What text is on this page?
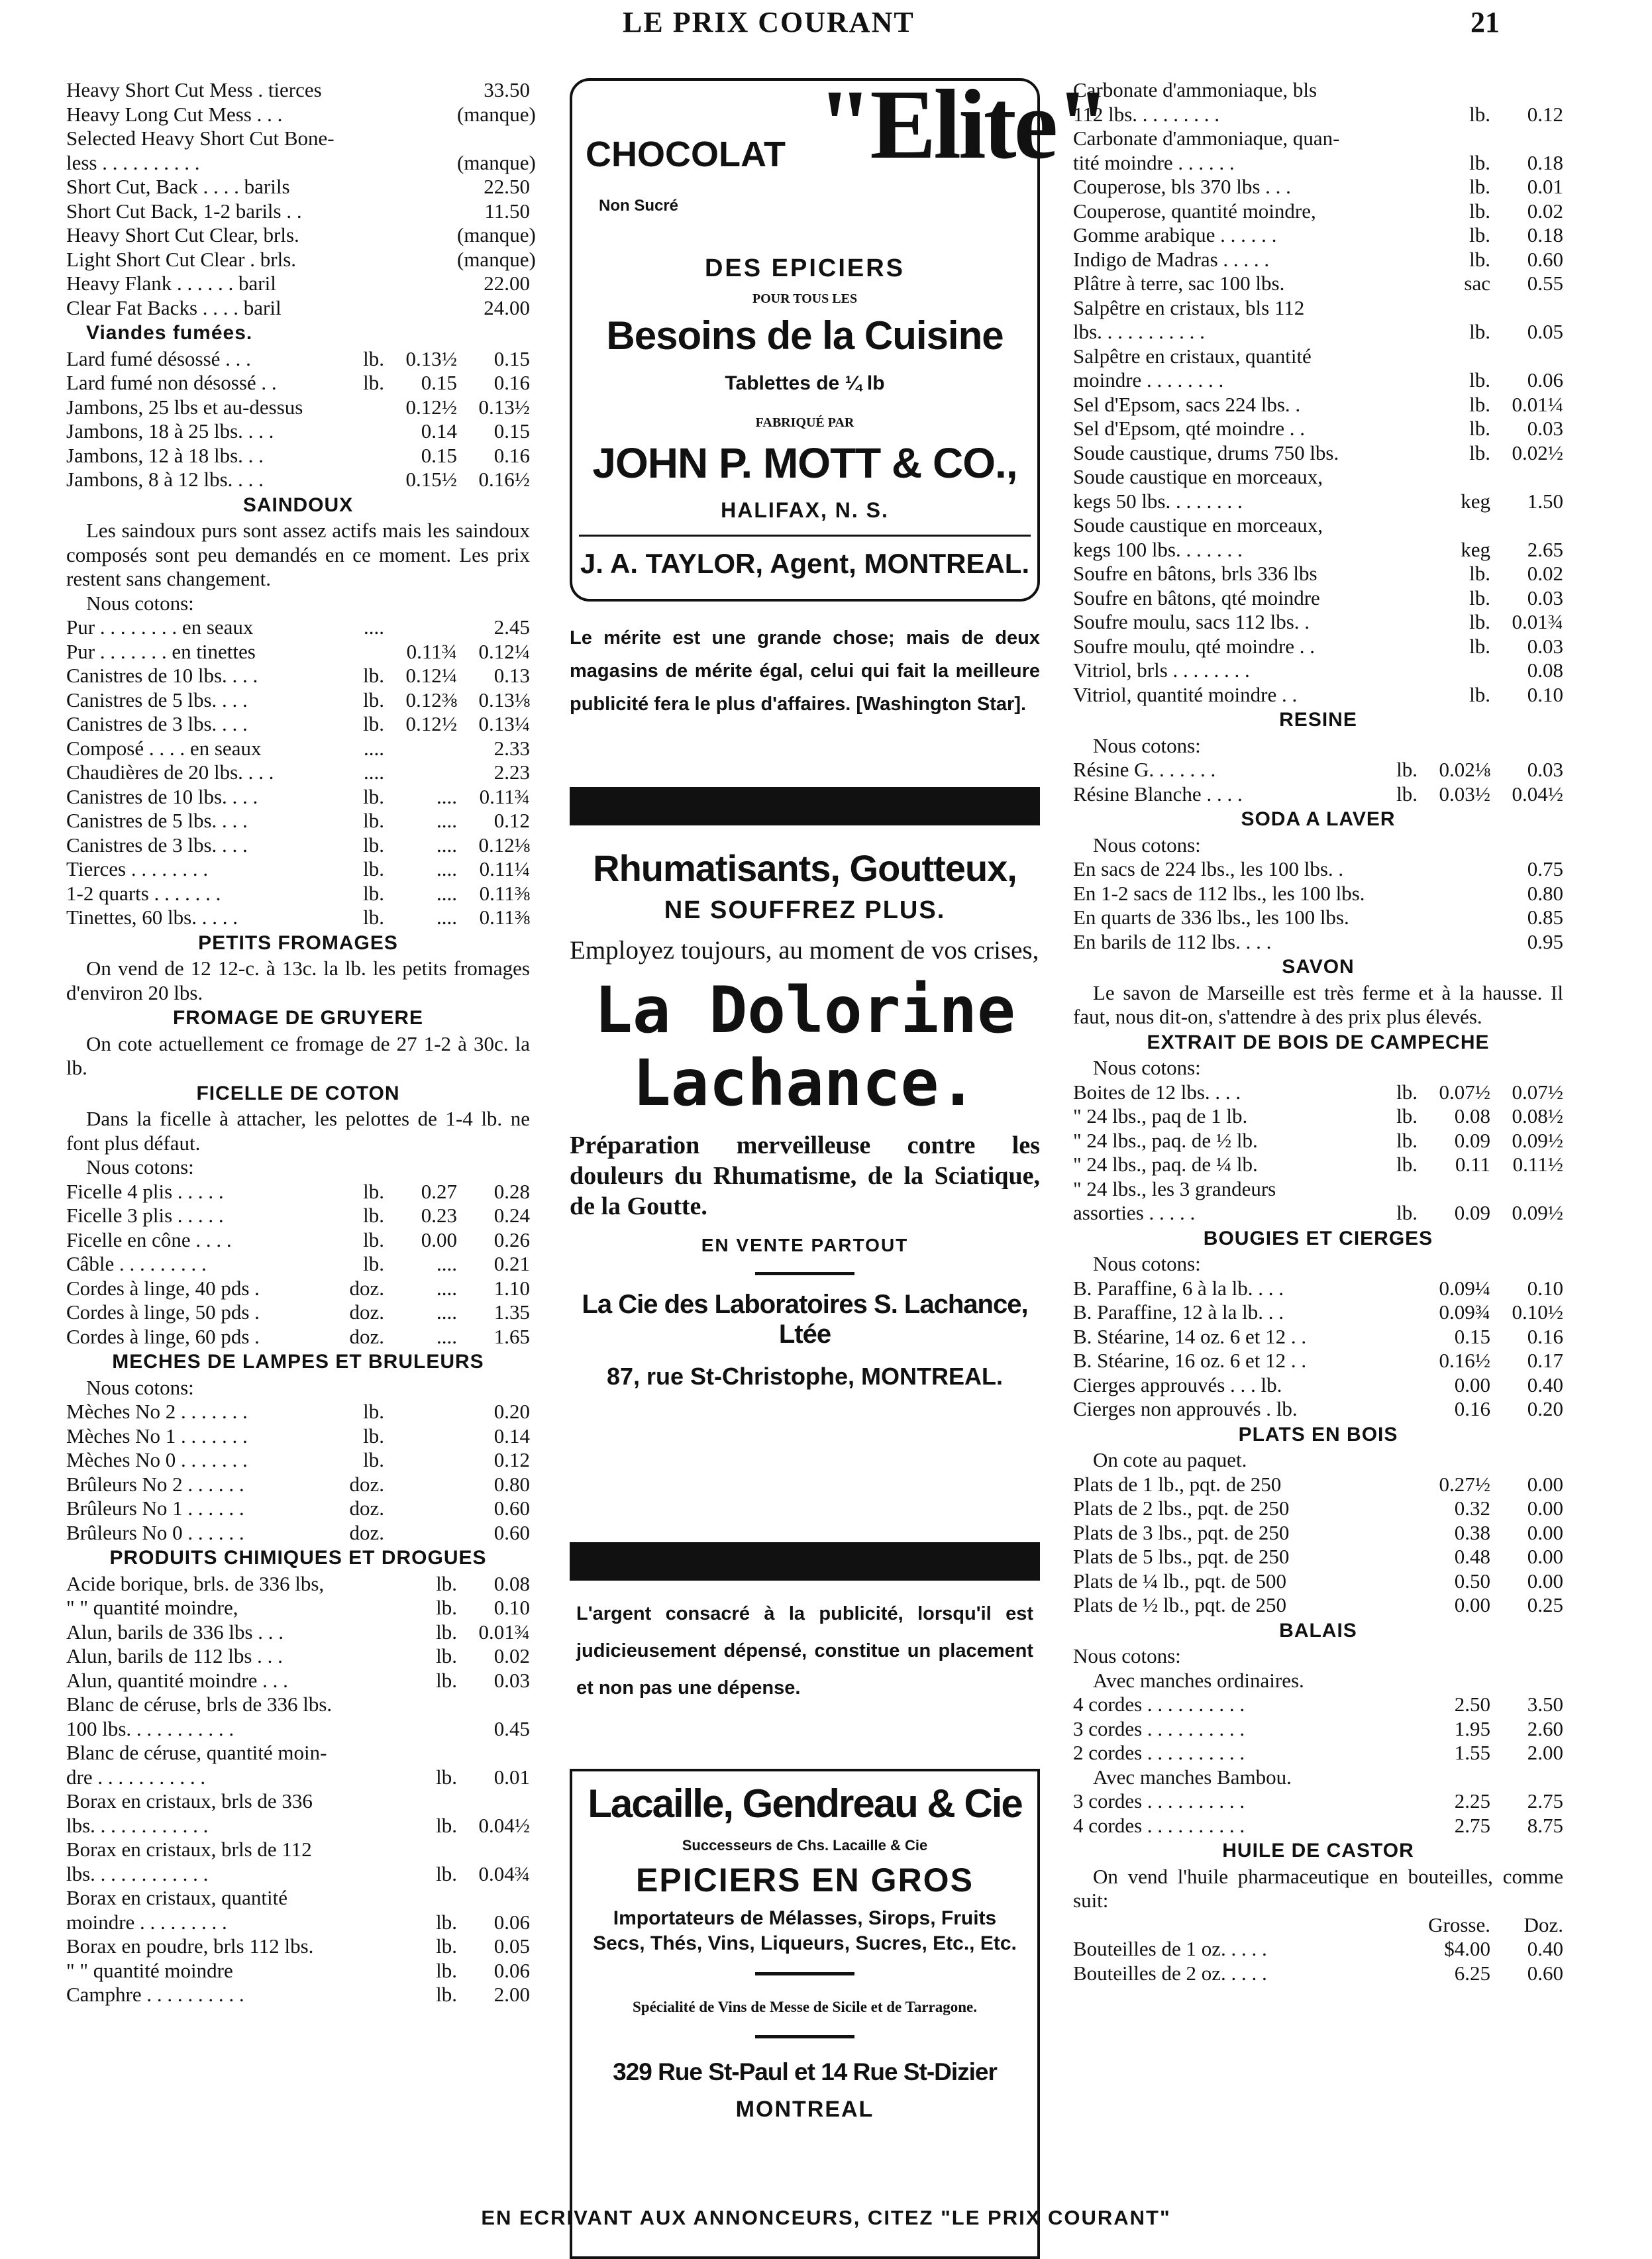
LE PRIX COURANT	21
Heavy Short Cut Mess . tierces	33.50
Heavy Long Cut Mess . . .	(manque)
Selected Heavy Short Cut Bone-
less . . . . . . . . . .	(manque)
Short Cut, Back . . . . barils	22.50
Short Cut Back, 1-2 barils . .	11.50
Heavy Short Cut Clear, brls.	(manque)
Light Short Cut Clear . brls.	(manque)
Heavy Flank . . . . . . baril	22.00
Clear Fat Backs . . . . baril	24.00
Viandes fumées.
Lard fumé désossé . . .	lb.	0.13½	0.15
Lard fumé non désossé . .	lb.	0.15	0.16
Jambons, 25 lbs et au-dessus	0.12½	0.13½
Jambons, 18 à 25 lbs. . . .	0.14	0.15
Jambons, 12 à 18 lbs. . .	0.15	0.16
Jambons, 8 à 12 lbs. . . .	0.15½	0.16½
SAINDOUX
Les saindoux purs sont assez actifs mais les saindoux composés sont peu demandés en ce moment. Les prix restent sans changement.
Nous cotons:
Pur . . . . . . . . en seaux	....	2.45
Pur . . . . . . . en tinettes	0.11¾	0.12¼
Canistres de 10 lbs. . . .	lb.	0.12¼	0.13
Canistres de 5 lbs. . . .	lb.	0.12⅜	0.13⅛
Canistres de 3 lbs. . . .	lb.	0.12½	0.13¼
Composé . . . . en seaux	....	2.33
Chaudières de 20 lbs. . . .	....	2.23
Canistres de 10 lbs. . . .	lb.	....	0.11¾
Canistres de 5 lbs. . . .	lb.	....	0.12
Canistres de 3 lbs. . . .	lb.	....	0.12⅛
Tierces . . . . . . . .	lb.	....	0.11¼
1-2 quarts . . . . . . .	lb.	....	0.11⅜
Tinettes, 60 lbs. . . . .	lb.	....	0.11⅜
PETITS FROMAGES
On vend de 12 12-c. à 13c. la lb. les petits fromages d'environ 20 lbs.
FROMAGE DE GRUYERE
On cote actuellement ce fromage de 27 1-2 à 30c. la lb.
FICELLE DE COTON
Dans la ficelle à attacher, les pelottes de 1-4 lb. ne font plus défaut.
Nous cotons:
Ficelle 4 plis . . . . .	lb.	0.27	0.28
Ficelle 3 plis . . . . .	lb.	0.23	0.24
Ficelle en cône . . . .	lb.	0.00	0.26
Câble . . . . . . . . .	lb.	....	0.21
Cordes à linge, 40 pds .	doz.	....	1.10
Cordes à linge, 50 pds .	doz.	....	1.35
Cordes à linge, 60 pds .	doz.	....	1.65
MECHES DE LAMPES ET BRULEURS
Nous cotons:
Mèches No 2 . . . . . . .	lb.	0.20
Mèches No 1 . . . . . . .	lb.	0.14
Mèches No 0 . . . . . . .	lb.	0.12
Brûleurs No 2 . . . . . .	doz.	0.80
Brûleurs No 1 . . . . . .	doz.	0.60
Brûleurs No 0 . . . . . .	doz.	0.60
PRODUITS CHIMIQUES ET DROGUES
Acide borique, brls. de 336 lbs,	lb.	0.08
" " quantité moindre,	lb.	0.10
Alun, barils de 336 lbs . . .	lb.	0.01¾
Alun, barils de 112 lbs . . .	lb.	0.02
Alun, quantité moindre . . .	lb.	0.03
Blanc de céruse, brls de 336 lbs.
100 lbs. . . . . . . . . . .	0.45
Blanc de céruse, quantité moin-
dre . . . . . . . . . . .	lb.	0.01
Borax en cristaux, brls de 336
lbs. . . . . . . . . . . .	lb.	0.04½
Borax en cristaux, brls de 112
lbs. . . . . . . . . . . .	lb.	0.04¾
Borax en cristaux, quantité
moindre . . . . . . . . .	lb.	0.06
Borax en poudre, brls 112 lbs.	lb.	0.05
" " quantité moindre	lb.	0.06
Camphre . . . . . . . . . .	lb.	2.00
CHOCOLAT "Elite"
Non Sucré
DES EPICIERS
POUR TOUS LES
Besoins de la Cuisine
Tablettes de ¼ lb
FABRIQUÉ PAR
JOHN P. MOTT & CO.,
HALIFAX, N. S.
J. A. TAYLOR, Agent, MONTREAL.
Le mérite est une grande chose; mais de deux magasins de mérite égal, celui qui fait la meilleure publicité fera le plus d'affaires. [Washington Star].
Rhumatisants, Goutteux,
NE SOUFFREZ PLUS.
Employez toujours, au moment de vos crises,
La Dolorine
Lachance.
Préparation merveilleuse contre les douleurs du Rhumatisme, de la Sciatique, de la Goutte.
EN VENTE PARTOUT
La Cie des Laboratoires S. Lachance, Ltée
87, rue St-Christophe, MONTREAL.
L'argent consacré à la publicité, lorsqu'il est judicieusement dépensé, constitue un placement et non pas une dépense.
Lacaille, Gendreau & Cie
Successeurs de Chs. Lacaille & Cie
EPICIERS EN GROS
Importateurs de Mélasses, Sirops, Fruits Secs, Thés, Vins, Liqueurs, Sucres, Etc., Etc.
Spécialité de Vins de Messe de Sicile et de Tarragone.
329 Rue St-Paul et 14 Rue St-Dizier
MONTREAL
Carbonate d'ammoniaque, bls
112 lbs. . . . . . . . .	lb.	0.12
Carbonate d'ammoniaque, quan-
tité moindre . . . . . .	lb.	0.18
Couperose, bls 370 lbs . . .	lb.	0.01
Couperose, quantité moindre,	lb.	0.02
Gomme arabique . . . . . .	lb.	0.18
Indigo de Madras . . . . .	lb.	0.60
Plâtre à terre, sac 100 lbs.	sac	0.55
Salpêtre en cristaux, bls 112
lbs. . . . . . . . . . .	lb.	0.05
Salpêtre en cristaux, quantité
moindre . . . . . . . .	lb.	0.06
Sel d'Epsom, sacs 224 lbs. .	lb.	0.01¼
Sel d'Epsom, qté moindre . .	lb.	0.03
Soude caustique, drums 750 lbs.	lb.	0.02½
Soude caustique en morceaux,
kegs 50 lbs. . . . . . . .	keg	1.50
Soude caustique en morceaux,
kegs 100 lbs. . . . . . .	keg	2.65
Soufre en bâtons, brls 336 lbs	lb.	0.02
Soufre en bâtons, qté moindre	lb.	0.03
Soufre moulu, sacs 112 lbs. .	lb.	0.01¾
Soufre moulu, qté moindre . .	lb.	0.03
Vitriol, brls . . . . . . . .	0.08
Vitriol, quantité moindre . .	lb.	0.10
RESINE
Nous cotons:
Résine G. . . . . . .	lb.	0.02⅛	0.03
Résine Blanche . . . .	lb.	0.03½	0.04½
SODA A LAVER
Nous cotons:
En sacs de 224 lbs., les 100 lbs. .	0.75
En 1-2 sacs de 112 lbs., les 100 lbs.	0.80
En quarts de 336 lbs., les 100 lbs.	0.85
En barils de 112 lbs. . . .	0.95
SAVON
Le savon de Marseille est très ferme et à la hausse. Il faut, nous dit-on, s'attendre à des prix plus élevés.
EXTRAIT DE BOIS DE CAMPECHE
Nous cotons:
Boites de 12 lbs. . . .	lb.	0.07½	0.07½
" 24 lbs., paq de 1 lb.	lb.	0.08	0.08½
" 24 lbs., paq. de ½ lb.	lb.	0.09	0.09½
" 24 lbs., paq. de ¼ lb.	lb.	0.11	0.11½
" 24 lbs., les 3 grandeurs
assorties . . . . .	lb.	0.09	0.09½
BOUGIES ET CIERGES
Nous cotons:
B. Paraffine, 6 à la lb. . . .	0.09¼	0.10
B. Paraffine, 12 à la lb. . .	0.09¾	0.10½
B. Stéarine, 14 oz. 6 et 12 . .	0.15	0.16
B. Stéarine, 16 oz. 6 et 12 . .	0.16½	0.17
Cierges approuvés . . . lb.	0.00	0.40
Cierges non approuvés . lb.	0.16	0.20
PLATS EN BOIS
On cote au paquet.
Plats de 1 lb., pqt. de 250	0.27½	0.00
Plats de 2 lbs., pqt. de 250	0.32	0.00
Plats de 3 lbs., pqt. de 250	0.38	0.00
Plats de 5 lbs., pqt. de 250	0.48	0.00
Plats de ¼ lb., pqt. de 500	0.50	0.00
Plats de ½ lb., pqt. de 250	0.00	0.25
BALAIS
Nous cotons:
Avec manches ordinaires.
4 cordes . . . . . . . . . .	2.50	3.50
3 cordes . . . . . . . . . .	1.95	2.60
2 cordes . . . . . . . . . .	1.55	2.00
Avec manches Bambou.
3 cordes . . . . . . . . . .	2.25	2.75
4 cordes . . . . . . . . . .	2.75	8.75
HUILE DE CASTOR
On vend l'huile pharmaceutique en bouteilles, comme suit:
Grosse.	Doz.
Bouteilles de 1 oz. . . . .	$4.00	0.40
Bouteilles de 2 oz. . . . .	6.25	0.60
EN ECRIVANT AUX ANNONCEURS, CITEZ "LE PRIX COURANT"
